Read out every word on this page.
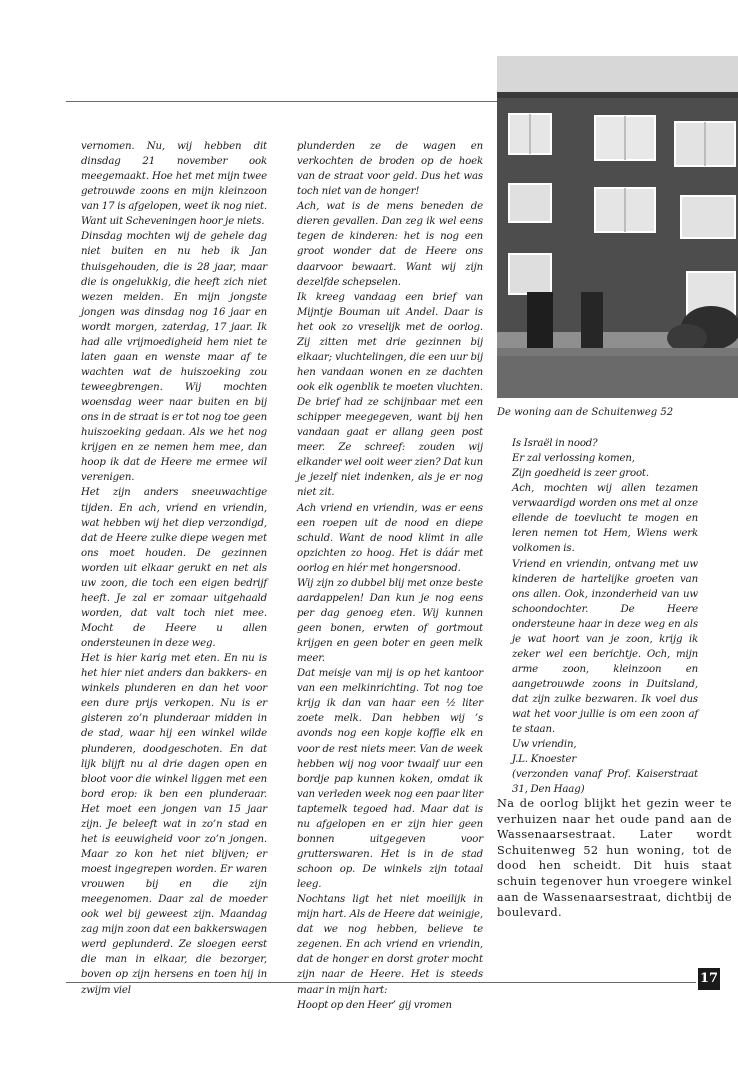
vernomen. Nu, wij hebben dit dinsdag 21 november ook meegemaakt. Hoe het met mijn twee getrouwde zoons en mijn kleinzoon van 17 is afgelopen, weet ik nog niet. Want uit Scheveningen hoor je niets.

Dinsdag mochten wij de gehele dag niet buiten en nu heb ik Jan thuisgehouden, die is 28 jaar, maar die is ongelukkig, die heeft zich niet wezen melden. En mijn jongste jongen was dinsdag nog 16 jaar en wordt morgen, zaterdag, 17 jaar. Ik had alle vrijmoedigheid hem niet te laten gaan en wenste maar af te wachten wat de huiszoeking zou teweegbrengen. Wij mochten woensdag weer naar buiten en bij ons in de straat is er tot nog toe geen huiszoeking gedaan. Als we het nog krijgen en ze nemen hem mee, dan hoop ik dat de Heere me ermee wil verenigen.

Het zijn anders sneeuwachtige tijden. En ach, vriend en vriendin, wat hebben wij het diep verzondigd, dat de Heere zulke diepe wegen met ons moet houden. De gezinnen worden uit elkaar gerukt en net als uw zoon, die toch een eigen bedrijf heeft. Je zal er zomaar uitgehaald worden, dat valt toch niet mee. Mocht de Heere u allen ondersteunen in deze weg.

Het is hier karig met eten. En nu is het hier niet anders dan bakkers- en winkels plunderen en dan het voor een dure prijs verkopen. Nu is er gisteren zo’n plunderaar midden in de stad, waar hij een winkel wilde plunderen, doodgeschoten. En dat lijk blijft nu al drie dagen open en bloot voor die winkel liggen met een bord erop: ik ben een plunderaar. Het moet een jongen van 15 jaar zijn. Je beleeft wat in zo’n stad en het is eeuwigheid voor zo’n jongen. Maar zo kon het niet blijven; er moest ingegrepen worden. Er waren vrouwen bij en die zijn meegenomen. Daar zal de moeder ook wel bij geweest zijn. Maandag zag mijn zoon dat een bakkerswagen werd geplunderd. Ze sloegen eerst die man in elkaar, die bezorger, boven op zijn hersens en toen hij in zwijm viel

plunderden ze de wagen en verkochten de broden op de hoek van de straat voor geld. Dus het was toch niet van de honger!

Ach, wat is de mens beneden de dieren gevallen. Dan zeg ik wel eens tegen de kinderen: het is nog een groot wonder dat de Heere ons daarvoor bewaart. Want wij zijn dezelfde schepselen.

Ik kreeg vandaag een brief van Mijntje Bouman uit Andel. Daar is het ook zo vreselijk met de oorlog. Zij zitten met drie gezinnen bij elkaar; vluchtelingen, die een uur bij hen vandaan wonen en ze dachten ook elk ogenblik te moeten vluchten. De brief had ze schijnbaar met een schipper meegegeven, want bij hen vandaan gaat er allang geen post meer. Ze schreef: zouden wij elkander wel ooit weer zien? Dat kun je jezelf niet indenken, als je er nog niet zit.

Ach vriend en vriendin, was er eens een roepen uit de nood en diepe schuld. Want de nood klimt in alle opzichten zo hoog. Het is dáár met oorlog en hiér met hongersnood.

Wij zijn zo dubbel blij met onze beste aardappelen! Dan kun je nog eens per dag genoeg eten. Wij kunnen geen bonen, erwten of gortmout krijgen en geen boter en geen melk meer.

Dat meisje van mij is op het kantoor van een melkinrichting. Tot nog toe krijg ik dan van haar een ½ liter zoete melk. Dan hebben wij ’s avonds nog een kopje koffie elk en voor de rest niets meer. Van de week hebben wij nog voor twaalf uur een bordje pap kunnen koken, omdat ik van verleden week nog een paar liter taptemelk tegoed had. Maar dat is nu afgelopen en er zijn hier geen bonnen uitgegeven voor grutterswaren. Het is in de stad schoon op. De winkels zijn totaal leeg.

Nochtans ligt het niet moeilijk in mijn hart. Als de Heere dat weinigje, dat we nog hebben, believe te zegenen. En ach vriend en vriendin, dat de honger en dorst groter mocht zijn naar de Heere. Het is steeds maar in mijn hart:

Hoopt op den Heer’ gij vromen

De woning aan de Schuitenweg 52

Is Israël in nood?

Er zal verlossing komen,

Zijn goedheid is zeer groot.

Ach, mochten wij allen tezamen verwaardigd worden ons met al onze ellende de toevlucht te mogen en leren nemen tot Hem, Wiens werk volkomen is.

Vriend en vriendin, ontvang met uw kinderen de hartelijke groeten van ons allen. Ook, inzonderheid van uw schoondochter. De Heere ondersteune haar in deze weg en als je wat hoort van je zoon, krijg ik zeker wel een berichtje. Och, mijn arme zoon, kleinzoon en aangetrouwde zoons in Duitsland, dat zijn zulke bezwaren. Ik voel dus wat het voor jullie is om een zoon af te staan.

Uw vriendin,

J.L. Knoester

(verzonden vanaf Prof. Kaiserstraat 31, Den Haag)

Na de oorlog blijkt het gezin weer te verhuizen naar het oude pand aan de Wassenaarsestraat. Later wordt Schuitenweg 52 hun woning, tot de dood hen scheidt. Dit huis staat schuin tegenover hun vroegere winkel aan de Wassenaarsestraat, dichtbij de boulevard.

17
